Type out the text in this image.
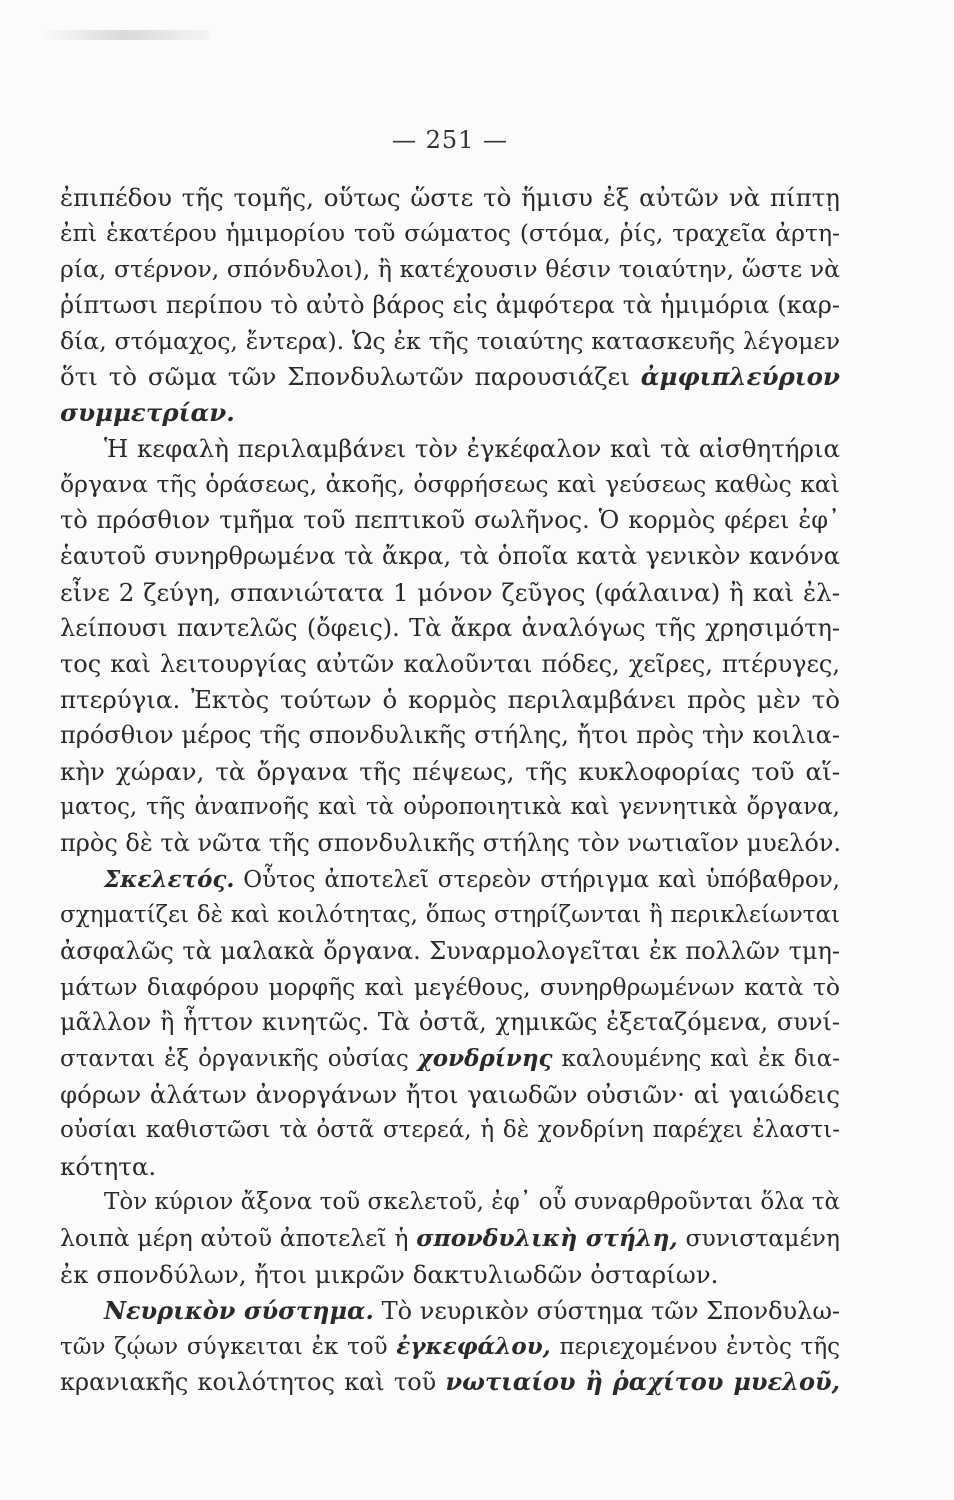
— 251 —
ἐπιπέδου τῆς τομῆς, οὕτως ὥστε τὸ ἥμισυ ἐξ αὐτῶν νὰ πίπτῃ
ἐπὶ ἑκατέρου ἡμιμορίου τοῦ σώματος (στόμα, ῥίς, τραχεῖα ἀρτη-
ρία, στέρνον, σπόνδυλοι), ἢ κατέχουσιν θέσιν τοιαύτην, ὥστε νὰ
ῥίπτωσι περίπου τὸ αὐτὸ βάρος εἰς ἀμφότερα τὰ ἡμιμόρια (καρ-
δία, στόμαχος, ἔντερα). Ὡς ἐκ τῆς τοιαύτης κατασκευῆς λέγομεν
ὅτι τὸ σῶμα τῶν Σπονδυλωτῶν παρουσιάζει ἀμφιπλεύριον
συμμετρίαν.
Ἡ κεφαλὴ περιλαμβάνει τὸν ἐγκέφαλον καὶ τὰ αἰσθητήρια
ὄργανα τῆς ὁράσεως, ἀκοῆς, ὀσφρήσεως καὶ γεύσεως καθὼς καὶ
τὸ πρόσθιον τμῆμα τοῦ πεπτικοῦ σωλῆνος. Ὁ κορμὸς φέρει ἐφ᾿
ἑαυτοῦ συνηρθρωμένα τὰ ἄκρα, τὰ ὁποῖα κατὰ γενικὸν κανόνα
εἶνε 2 ζεύγη, σπανιώτατα 1 μόνον ζεῦγος (φάλαινα) ἢ καὶ ἐλ-
λείπουσι παντελῶς (ὄφεις). Τὰ ἄκρα ἀναλόγως τῆς χρησιμότη-
τος καὶ λειτουργίας αὐτῶν καλοῦνται πόδες, χεῖρες, πτέρυγες,
πτερύγια. Ἐκτὸς τούτων ὁ κορμὸς περιλαμβάνει πρὸς μὲν τὸ
πρόσθιον μέρος τῆς σπονδυλικῆς στήλης, ἤτοι πρὸς τὴν κοιλια-
κὴν χώραν, τὰ ὄργανα τῆς πέψεως, τῆς κυκλοφορίας τοῦ αἵ-
ματος, τῆς ἀναπνοῆς καὶ τὰ οὐροποιητικὰ καὶ γεννητικὰ ὄργανα,
πρὸς δὲ τὰ νῶτα τῆς σπονδυλικῆς στήλης τὸν νωτιαῖον μυελόν.
Σκελετός. Οὗτος ἀποτελεῖ στερεὸν στήριγμα καὶ ὑπόβαθρον,
σχηματίζει δὲ καὶ κοιλότητας, ὅπως στηρίζωνται ἢ περικλείωνται
ἀσφαλῶς τὰ μαλακὰ ὄργανα. Συναρμολογεῖται ἐκ πολλῶν τμη-
μάτων διαφόρου μορφῆς καὶ μεγέθους, συνηρθρωμένων κατὰ τὸ
μᾶλλον ἢ ἧττον κινητῶς. Τὰ ὀστᾶ, χημικῶς ἐξεταζόμενα, συνί-
στανται ἐξ ὀργανικῆς οὐσίας χονδρίνης καλουμένης καὶ ἐκ δια-
φόρων ἁλάτων ἀνοργάνων ἤτοι γαιωδῶν οὐσιῶν· αἱ γαιώδεις
οὐσίαι καθιστῶσι τὰ ὀστᾶ στερεά, ἡ δὲ χονδρίνη παρέχει ἐλαστι-
κότητα.
Τὸν κύριον ἄξονα τοῦ σκελετοῦ, ἐφ᾿ οὗ συναρθροῦνται ὅλα τὰ
λοιπὰ μέρη αὐτοῦ ἀποτελεῖ ἡ σπονδυλικὴ στήλη, συνισταμένη
ἐκ σπονδύλων, ἤτοι μικρῶν δακτυλιωδῶν ὀσταρίων.
Νευρικὸν σύστημα. Τὸ νευρικὸν σύστημα τῶν Σπονδυλω-
τῶν ζῴων σύγκειται ἐκ τοῦ ἐγκεφάλου, περιεχομένου ἐντὸς τῆς
κρανιακῆς κοιλότητος καὶ τοῦ νωτιαίου ἢ ῥαχίτου μυελοῦ,
